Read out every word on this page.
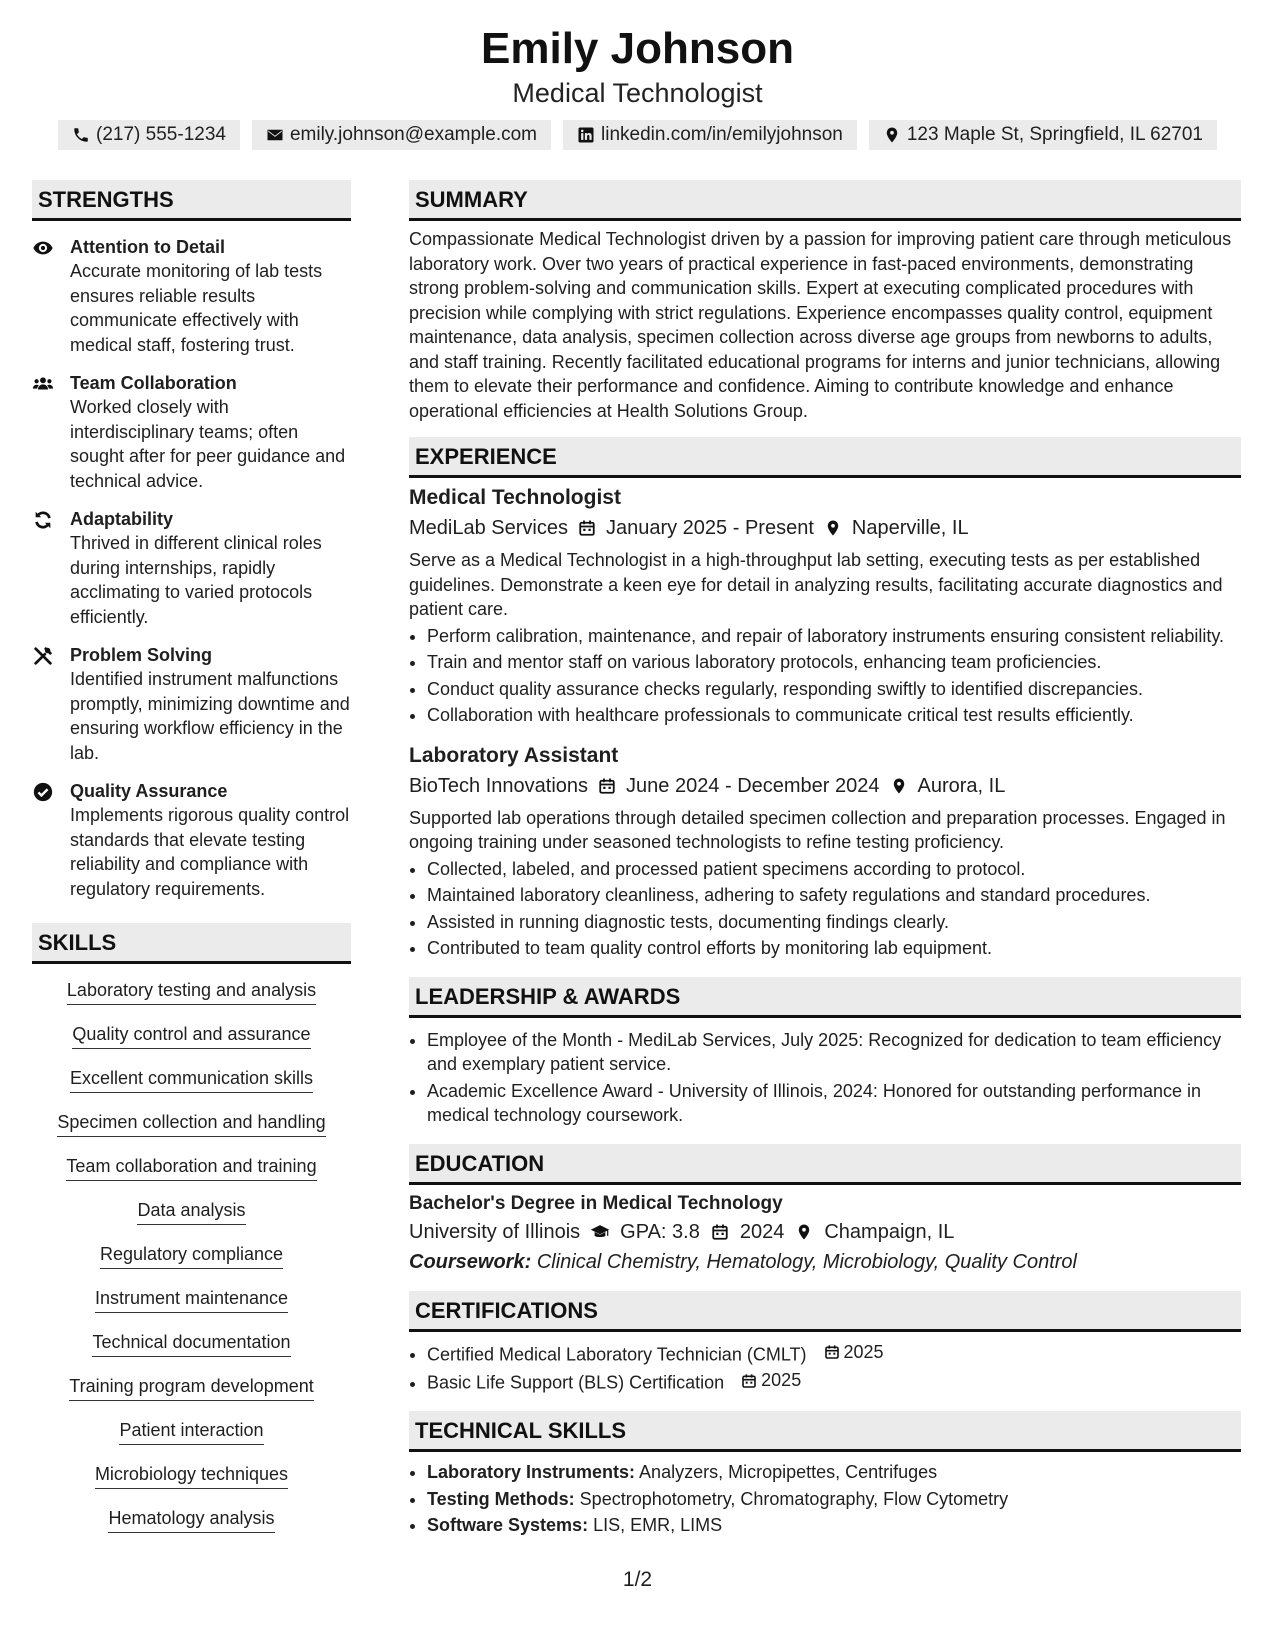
Emily Johnson
Medical Technologist
(217) 555-1234	emily.johnson@example.com	linkedin.com/in/emilyjohnson	123 Maple St, Springfield, IL 62701
STRENGTHS
Attention to Detail
Accurate monitoring of lab tests ensures reliable results communicate effectively with medical staff, fostering trust.
Team Collaboration
Worked closely with interdisciplinary teams; often sought after for peer guidance and technical advice.
Adaptability
Thrived in different clinical roles during internships, rapidly acclimating to varied protocols efficiently.
Problem Solving
Identified instrument malfunctions promptly, minimizing downtime and ensuring workflow efficiency in the lab.
Quality Assurance
Implements rigorous quality control standards that elevate testing reliability and compliance with regulatory requirements.
SKILLS
Laboratory testing and analysis
Quality control and assurance
Excellent communication skills
Specimen collection and handling
Team collaboration and training
Data analysis
Regulatory compliance
Instrument maintenance
Technical documentation
Training program development
Patient interaction
Microbiology techniques
Hematology analysis
SUMMARY

Compassionate Medical Technologist driven by a passion for improving patient care through meticulous laboratory work. Over two years of practical experience in fast-paced environments, demonstrating strong problem-solving and communication skills. Expert at executing complicated procedures with precision while complying with strict regulations. Experience encompasses quality control, equipment maintenance, data analysis, specimen collection across diverse age groups from newborns to adults, and staff training. Recently facilitated educational programs for interns and junior technicians, allowing them to elevate their performance and confidence. Aiming to contribute knowledge and enhance operational efficiencies at Health Solutions Group.

EXPERIENCE
Medical Technologist
MediLab Services January 2025 - Present Naperville, IL

Serve as a Medical Technologist in a high-throughput lab setting, executing tests as per established guidelines. Demonstrate a keen eye for detail in analyzing results, facilitating accurate diagnostics and patient care.

• Perform calibration, maintenance, and repair of laboratory instruments ensuring consistent reliability.
• Train and mentor staff on various laboratory protocols, enhancing team proficiencies.
• Conduct quality assurance checks regularly, responding swiftly to identified discrepancies.
• Collaboration with healthcare professionals to communicate critical test results efficiently.
Laboratory Assistant
BioTech Innovations June 2024 - December 2024 Aurora, IL

Supported lab operations through detailed specimen collection and preparation processes. Engaged in ongoing training under seasoned technologists to refine testing proficiency.

• Collected, labeled, and processed patient specimens according to protocol.
• Maintained laboratory cleanliness, adhering to safety regulations and standard procedures.
• Assisted in running diagnostic tests, documenting findings clearly.
• Contributed to team quality control efforts by monitoring lab equipment.
LEADERSHIP & AWARDS
• Employee of the Month - MediLab Services, July 2025: Recognized for dedication to team efficiency and exemplary patient service.
• Academic Excellence Award - University of Illinois, 2024: Honored for outstanding performance in medical technology coursework.
EDUCATION
Bachelor's Degree in Medical Technology
University of Illinois GPA: 3.8 2024 Champaign, IL
Coursework: Clinical Chemistry, Hematology, Microbiology, Quality Control
CERTIFICATIONS
• Certified Medical Laboratory Technician (CMLT) 2025
• Basic Life Support (BLS) Certification 2025
TECHNICAL SKILLS
• Laboratory Instruments: Analyzers, Micropipettes, Centrifuges
• Testing Methods: Spectrophotometry, Chromatography, Flow Cytometry
• Software Systems: LIS, EMR, LIMS
1/2
